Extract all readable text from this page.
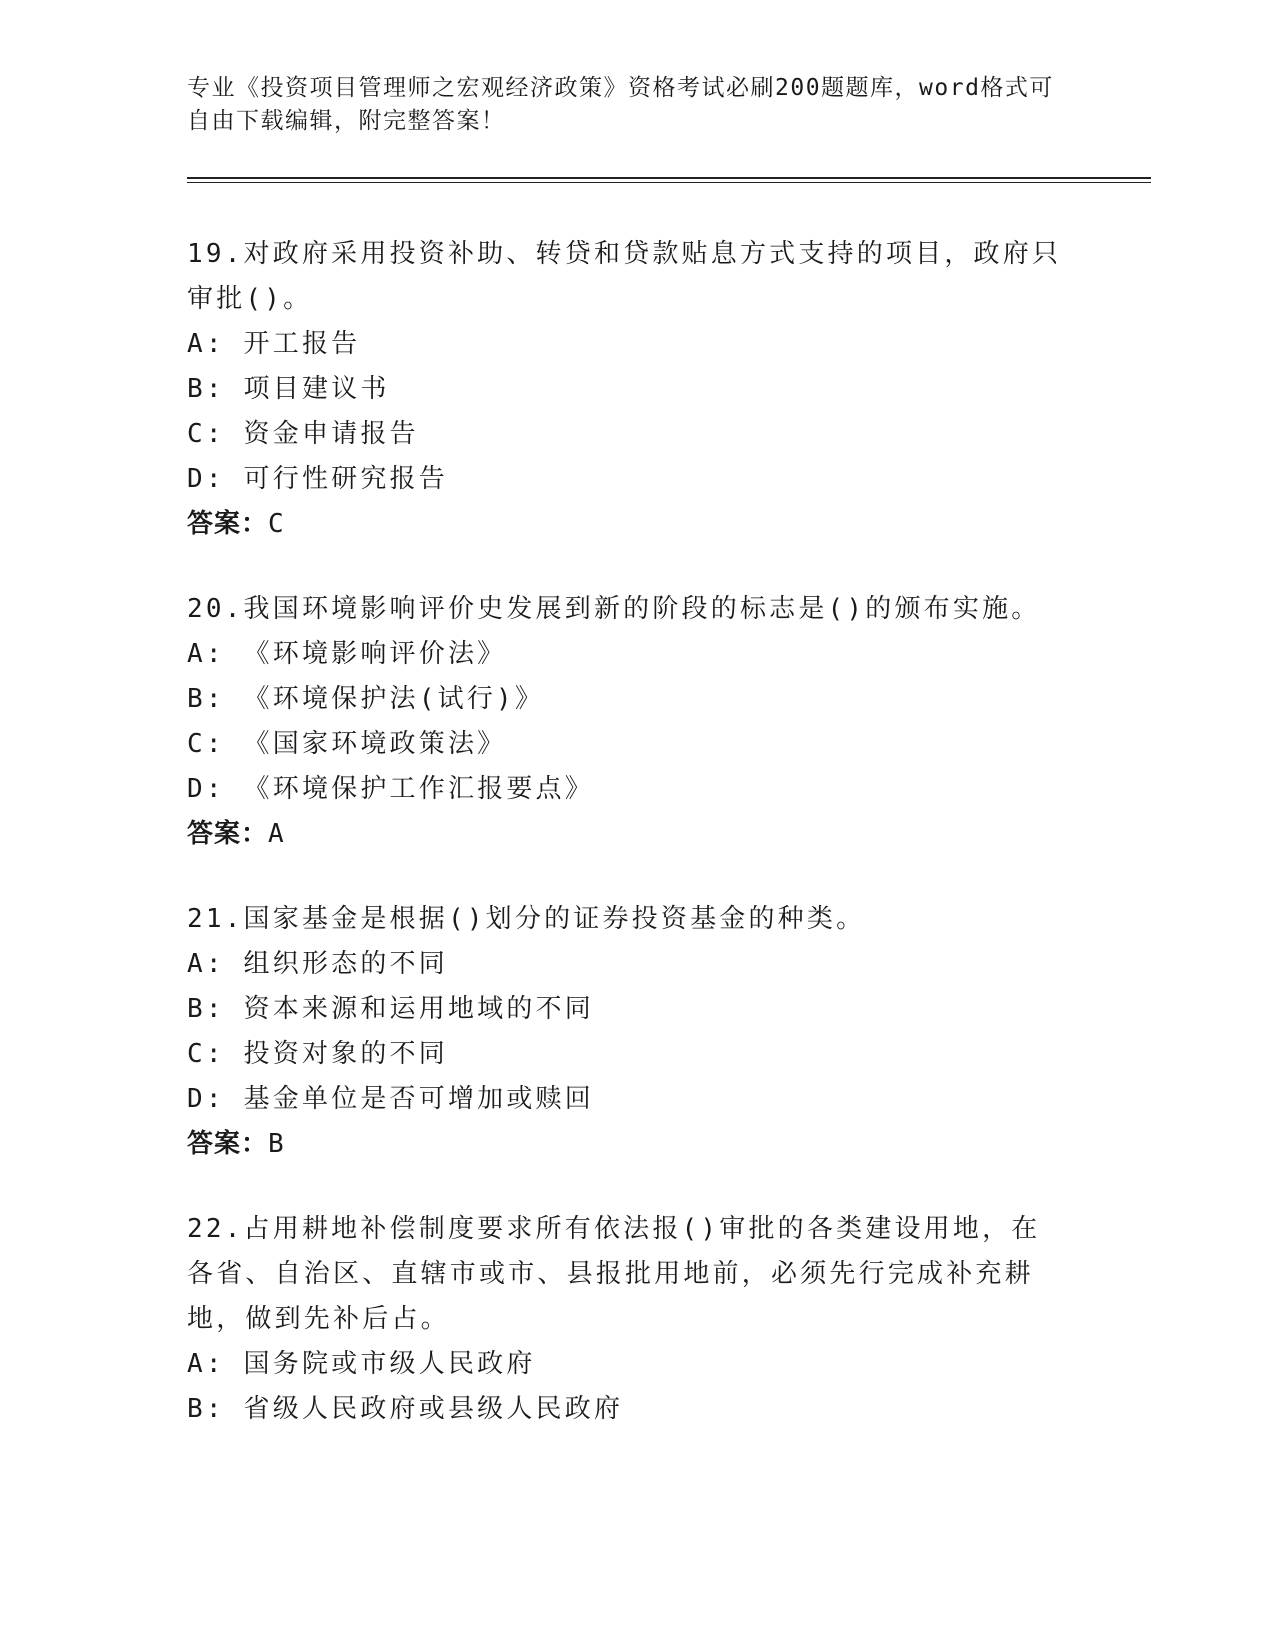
专业《投资项目管理师之宏观经济政策》资格考试必刷200题题库，word格式可
自由下载编辑，附完整答案！

19.对政府采用投资补助、转贷和贷款贴息方式支持的项目，政府只审批()。

A: 开工报告

B: 项目建议书

C: 资金申请报告

D: 可行性研究报告

答案：C

20.我国环境影响评价史发展到新的阶段的标志是()的颁布实施。

A: 《环境影响评价法》

B: 《环境保护法(试行)》

C: 《国家环境政策法》

D: 《环境保护工作汇报要点》

答案：A

21.国家基金是根据()划分的证券投资基金的种类。

A: 组织形态的不同

B: 资本来源和运用地域的不同

C: 投资对象的不同

D: 基金单位是否可增加或赎回

答案：B

22.占用耕地补偿制度要求所有依法报()审批的各类建设用地，在各省、自治区、直辖市或市、县报批用地前，必须先行完成补充耕地，做到先补后占。

A: 国务院或市级人民政府

B: 省级人民政府或县级人民政府
